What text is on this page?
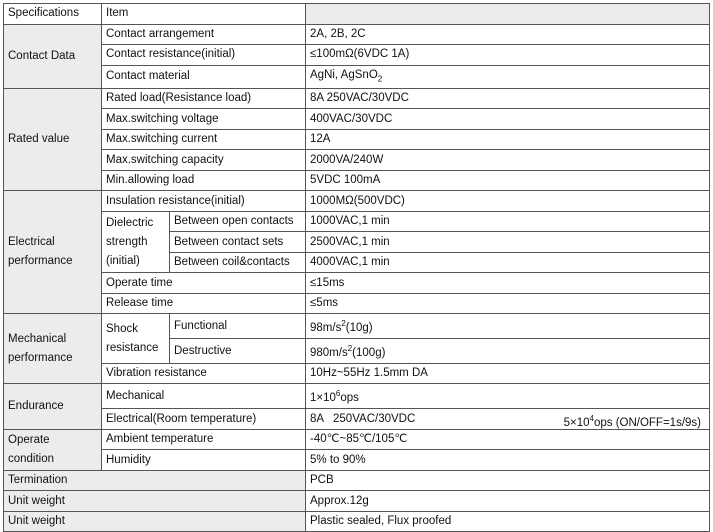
Specifications	Item		
Contact Data	Contact arrangement		2A, 2B, 2C
	Contact resistance(initial)		≤100mΩ(6VDC 1A)
	Contact material		AgNi, AgSnO$_2$
Rated value	Rated load(Resistance load)		8A 250VAC/30VDC
	Max.switching voltage		400VAC/30VDC
	Max.switching current		12A
	Max.switching capacity		2000VA/240W
	Min.allowing load		5VDC 100mA
Electrical
performance	Insulation resistance(initial)		1000MΩ(500VDC)
	Dielectric
strength
(initial)	Between open contacts	1000VAC,1 min
		Between contact sets	2500VAC,1 min
		Between coil&contacts	4000VAC,1 min
	Operate time		≤15ms
	Release time		≤5ms
Mechanical
performance	Shock
resistance	Functional	$98m/s^2(10g)$
		Destructive	$980m/s^2(100g)$
	Vibration resistance		10Hz~55Hz 1.5mm DA
Endurance	Mechanical		$1\times 10^6ops$
	Electrical(Room temperature)		8A   250VAC/30VDC $5\times 10^4ops$ (ON/OFF=1s/9s)

Operate
condition	Ambient temperature		-40℃~85℃/105℃
	Humidity		5% to 90%
Termination			PCB
Unit weight			Approx.12g
Unit weight			Plastic sealed, Flux proofed
